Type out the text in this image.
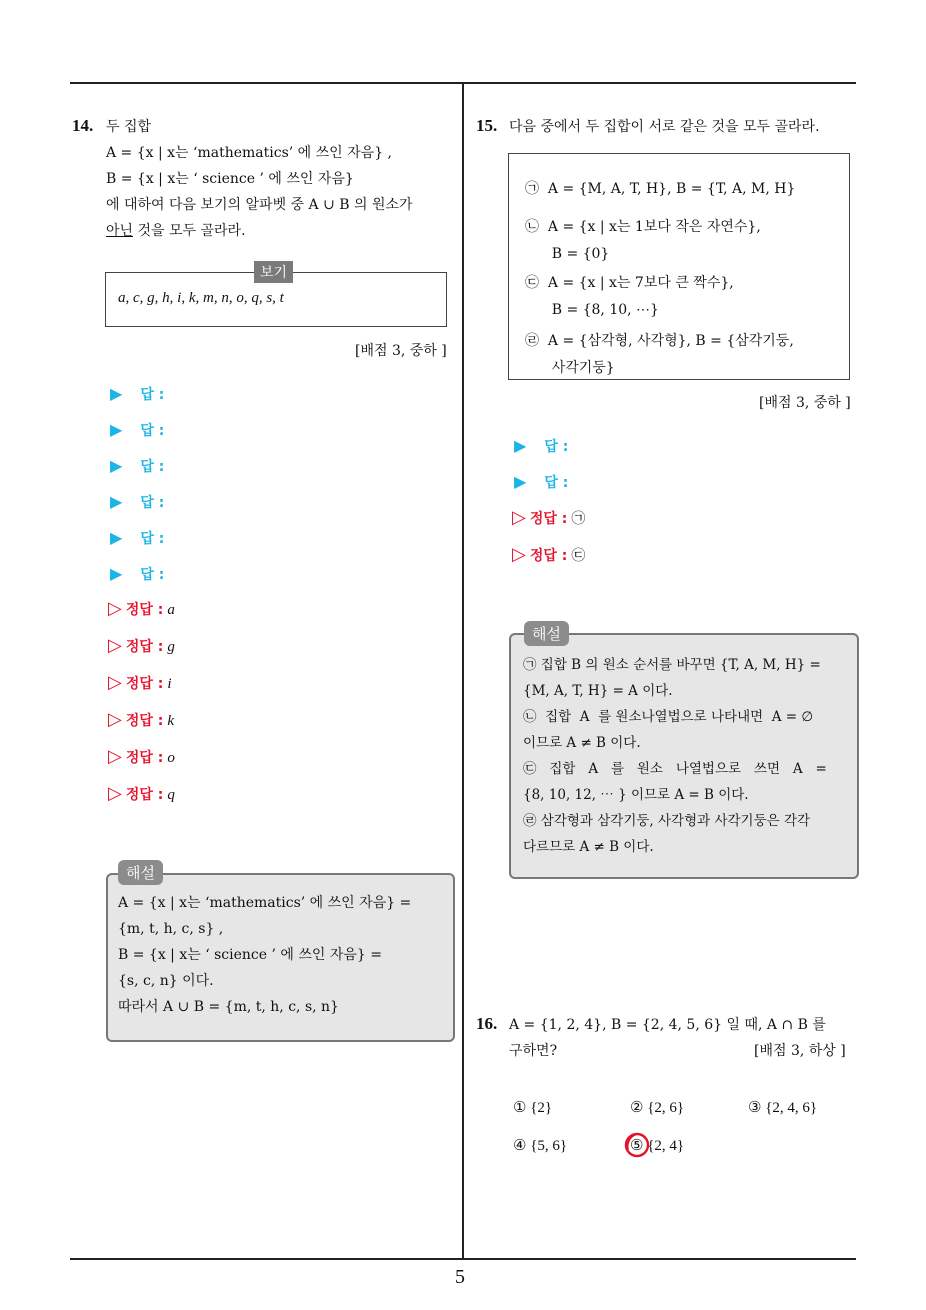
5
14. 두 집합
A = {x | x는 ‘mathematics’ 에 쓰인 자음} ,
B = {x | x는 ‘ science ’ 에 쓰인 자음}
에 대하여 다음 보기의 알파벳 중 A ∪ B 의 원소가
아닌 것을 모두 골라라.
보기
a, c, g, h, i, k, m, n, o, q, s, t
[배점 3, 중하 ]
▶ 답 :
▶ 답 :
▶ 답 :
▶ 답 :
▶ 답 :
▶ 답 :
▷ 정답 : a
▷ 정답 : g
▷ 정답 : i
▷ 정답 : k
▷ 정답 : o
▷ 정답 : q
해설
A = {x | x는 ‘mathematics’ 에 쓰인 자음} =
{m, t, h, c, s} ,
B = {x | x는 ‘ science ’ 에 쓰인 자음} =
{s, c, n} 이다.
따라서 A ∪ B = {m, t, h, c, s, n}
15. 다음 중에서 두 집합이 서로 같은 것을 모두 골라라.
㉠  A = {M, A, T, H}, B = {T, A, M, H}
㉡  A = {x | x는 1보다 작은 자연수},
B = {0}
㉢  A = {x | x는 7보다 큰 짝수},
B = {8, 10, ⋯}
㉣  A = {삼각형, 사각형}, B = {삼각기둥,
사각기둥}
[배점 3, 중하 ]
▶ 답 :
▶ 답 :
▷ 정답 : ㉠
▷ 정답 : ㉢
해설
㉠ 집합 B 의 원소 순서를 바꾸면 {T, A, M, H} =
{M, A, T, H} = A 이다.
㉡  집합  A  를 원소나열법으로 나타내면  A = ∅
이므로 A ≠ B 이다.
㉢   집합   A   를   원소   나열법으로   쓰면   A   =
{8, 10, 12, ⋯ } 이므로 A = B 이다.
㉣ 삼각형과 삼각기둥, 사각형과 사각기둥은 각각
다르므로 A ≠ B 이다.
16. A = {1, 2, 4}, B = {2, 4, 5, 6} 일 때, A ∩ B 를
구하면?	[배점 3, 하상 ]
① {2}	② {2, 6}	③ {2, 4, 6}
④ {5, 6}	⑤ {2, 4}
